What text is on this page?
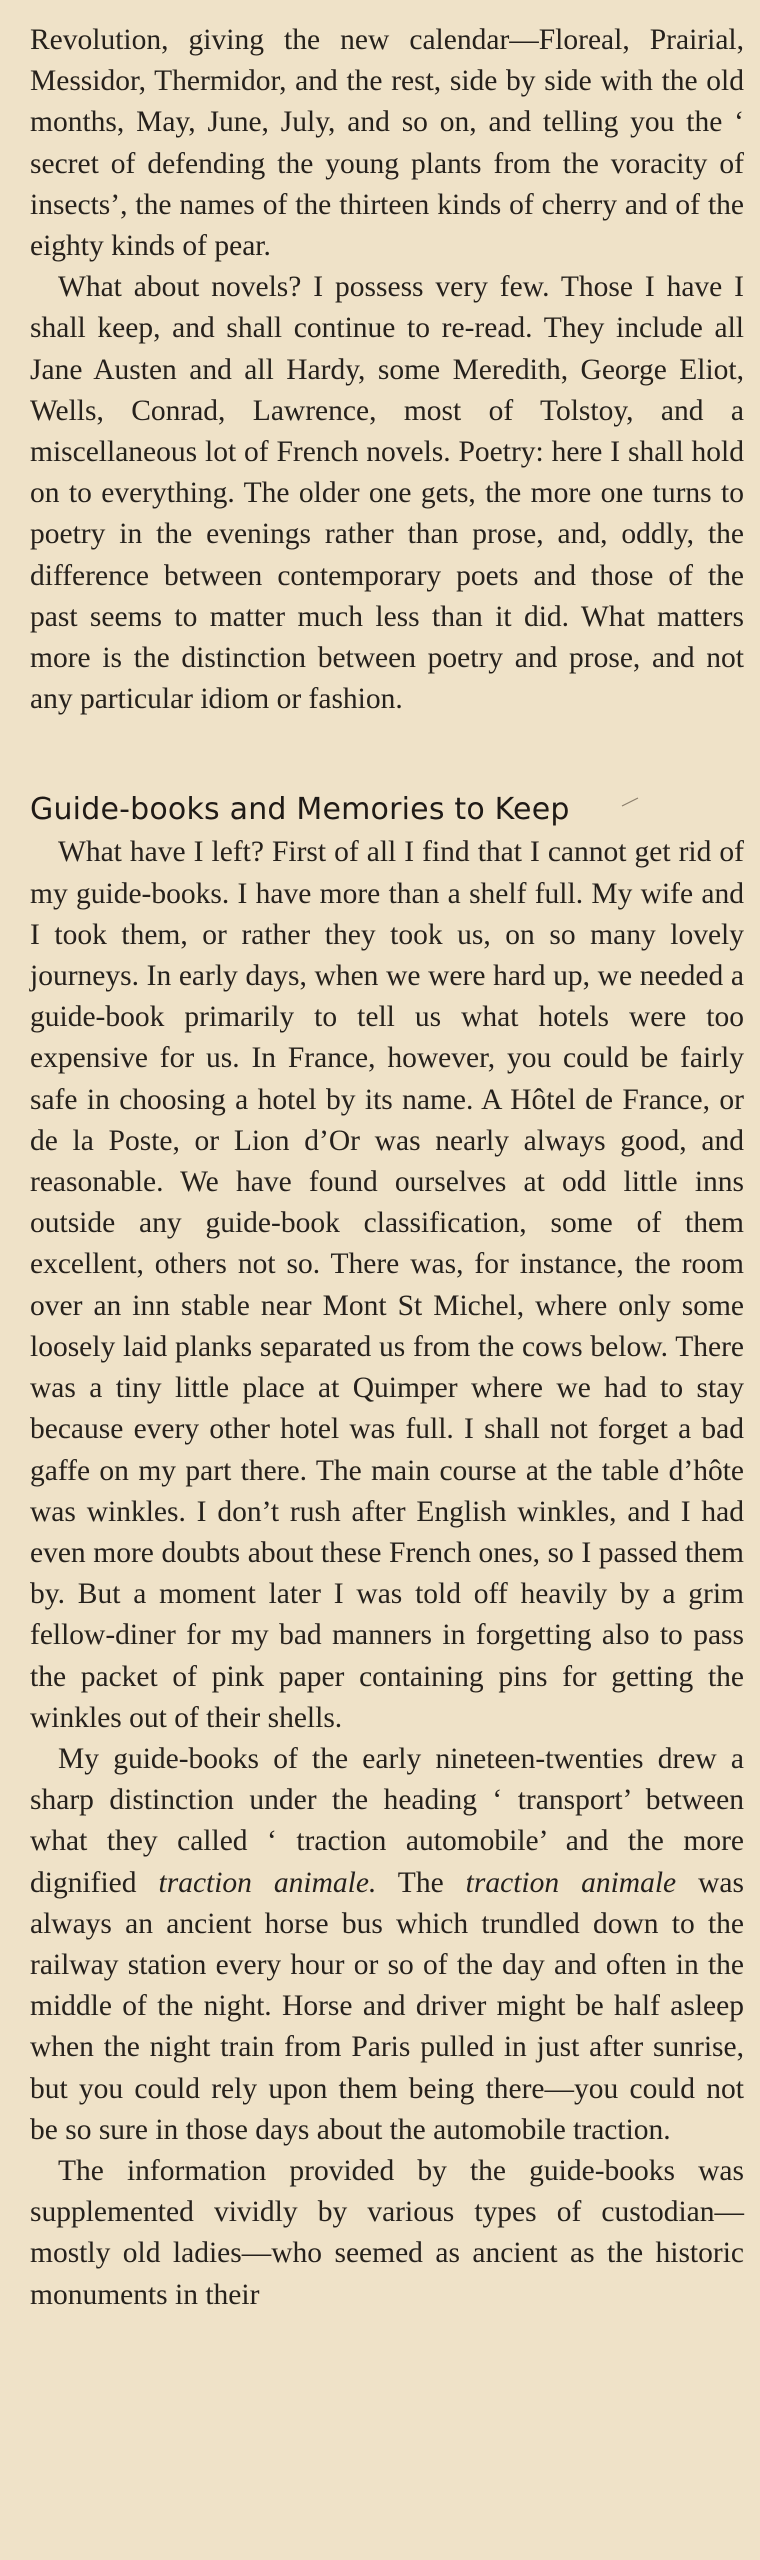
Revolution, giving the new calendar—Floreal, Prairial, Messidor, Thermidor, and the rest, side by side with the old months, May, June, July, and so on, and telling you the ‘ secret of defending the young plants from the voracity of insects’, the names of the thirteen kinds of cherry and of the eighty kinds of pear.

What about novels? I possess very few. Those I have I shall keep, and shall continue to re-read. They include all Jane Austen and all Hardy, some Meredith, George Eliot, Wells, Conrad, Lawrence, most of Tolstoy, and a miscellaneous lot of French novels. Poetry: here I shall hold on to everything. The older one gets, the more one turns to poetry in the evenings rather than prose, and, oddly, the difference between contemporary poets and those of the past seems to matter much less than it did. What matters more is the distinction between poetry and prose, and not any particular idiom or fashion.

Guide-books and Memories to Keep

What have I left? First of all I find that I cannot get rid of my guide-books. I have more than a shelf full. My wife and I took them, or rather they took us, on so many lovely journeys. In early days, when we were hard up, we needed a guide-book primarily to tell us what hotels were too expensive for us. In France, however, you could be fairly safe in choosing a hotel by its name. A Hôtel de France, or de la Poste, or Lion d’Or was nearly always good, and reasonable. We have found ourselves at odd little inns outside any guide-book classification, some of them excellent, others not so. There was, for instance, the room over an inn stable near Mont St Michel, where only some loosely laid planks separated us from the cows below. There was a tiny little place at Quimper where we had to stay because every other hotel was full. I shall not forget a bad gaffe on my part there. The main course at the table d’hôte was winkles. I don’t rush after English winkles, and I had even more doubts about these French ones, so I passed them by. But a moment later I was told off heavily by a grim fellow-diner for my bad manners in forgetting also to pass the packet of pink paper containing pins for getting the winkles out of their shells.

My guide-books of the early nineteen-twenties drew a sharp distinction under the heading ‘ transport’ between what they called ‘ traction automobile’ and the more dignified traction animale. The traction animale was always an ancient horse bus which trundled down to the railway station every hour or so of the day and often in the middle of the night. Horse and driver might be half asleep when the night train from Paris pulled in just after sunrise, but you could rely upon them being there—you could not be so sure in those days about the automobile traction.

The information provided by the guide-books was supplemented vividly by various types of custodian—mostly old ladies—who seemed as ancient as the historic monuments in their
